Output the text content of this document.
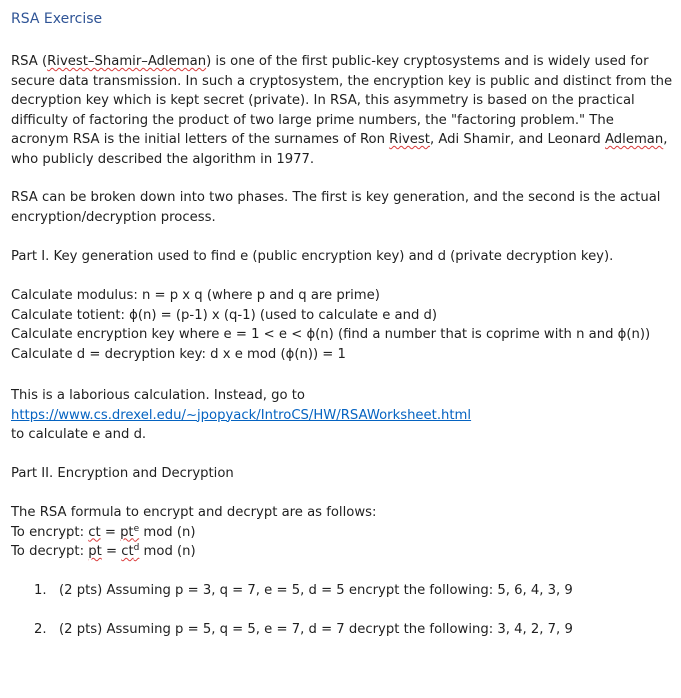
RSA Exercise

RSA (Rivest–Shamir–Adleman) is one of the first public-key cryptosystems and is widely used for secure data transmission. In such a cryptosystem, the encryption key is public and distinct from the decryption key which is kept secret (private). In RSA, this asymmetry is based on the practical difficulty of factoring the product of two large prime numbers, the "factoring problem." The acronym RSA is the initial letters of the surnames of Ron Rivest, Adi Shamir, and Leonard Adleman, who publicly described the algorithm in 1977.

RSA can be broken down into two phases. The first is key generation, and the second is the actual encryption/decryption process.

Part I. Key generation used to find e (public encryption key) and d (private decryption key).

Calculate modulus: n = p x q (where p and q are prime)
Calculate totient: ϕ(n) = (p-1) x (q-1) (used to calculate e and d)
Calculate encryption key where e = 1 < e < ϕ(n) (find a number that is coprime with n and ϕ(n))
Calculate d = decryption key: d x e mod (ϕ(n)) = 1
This is a laborious calculation. Instead, go to
https://www.cs.drexel.edu/~jpopyack/IntroCS/HW/RSAWorksheet.html
to calculate e and d.

Part II. Encryption and Decryption

The RSA formula to encrypt and decrypt are as follows:
To encrypt: ct = $pt^e$ mod (n)
To decrypt: pt = $ct^d$ mod (n)
1. (2 pts) Assuming p = 3, q = 7, e = 5, d = 5 encrypt the following: 5, 6, 4, 3, 9
2. (2 pts) Assuming p = 5, q = 5, e = 7, d = 7 decrypt the following: 3, 4, 2, 7, 9
